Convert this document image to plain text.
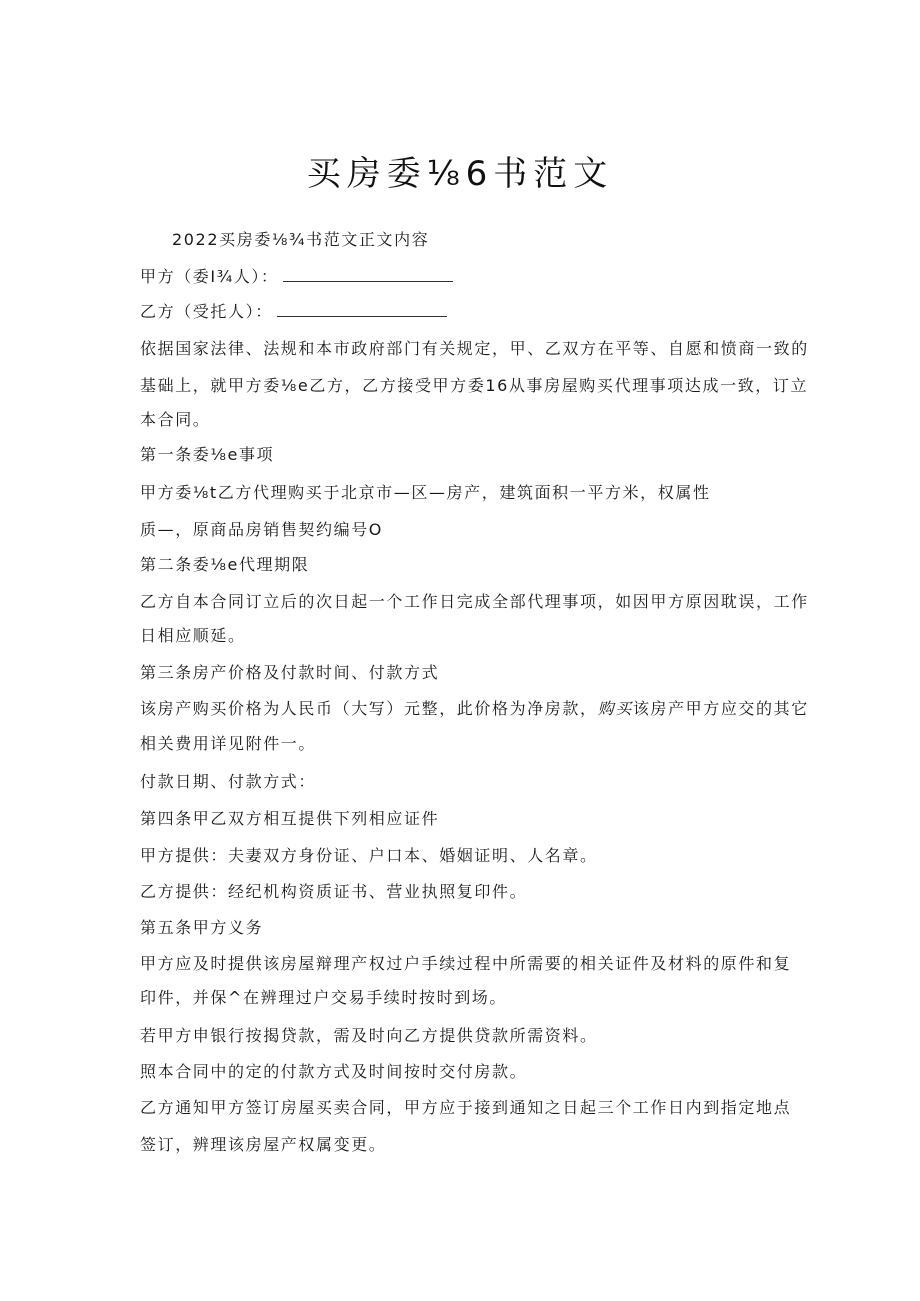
买房委⅛6书范文
2022买房委⅛¾书范文正文内容
甲方（委I¾人）：
乙方（受托人）：
依据国家法律、法规和本市政府部门有关规定，甲、乙双方在平等、自愿和愤商一致的
基础上，就甲方委⅛e乙方，乙方接受甲方委16从事房屋购买代理事项达成一致，订立
本合同。
第一条委⅛e事项
甲方委⅛t乙方代理购买于北京市—区—房产，建筑面积一平方米，权属性
质—，原商品房销售契约编号O
第二条委⅛e代理期限
乙方自本合同订立后的次日起一个工作日完成全部代理事项，如因甲方原因耽误，工作
日相应顺延。
第三条房产价格及付款时间、付款方式
该房产购买价格为人民币（大写）元整，此价格为净房款，购买该房产甲方应交的其它
相关费用详见附件一。
付款日期、付款方式：
第四条甲乙双方相互提供下列相应证件
甲方提供：夫妻双方身份证、户口本、婚姻证明、人名章。
乙方提供：经纪机构资质证书、营业执照复印件。
第五条甲方义务
甲方应及时提供该房屋辩理产权过户手续过程中所需要的相关证件及材料的原件和复
印件，并保^在辨理过户交易手续时按时到场。
若甲方申银行按揭贷款，需及时向乙方提供贷款所需资料。
照本合同中的定的付款方式及时间按时交付房款。
乙方通知甲方签订房屋买卖合同，甲方应于接到通知之日起三个工作日内到指定地点
签订，辨理该房屋产权属变更。
